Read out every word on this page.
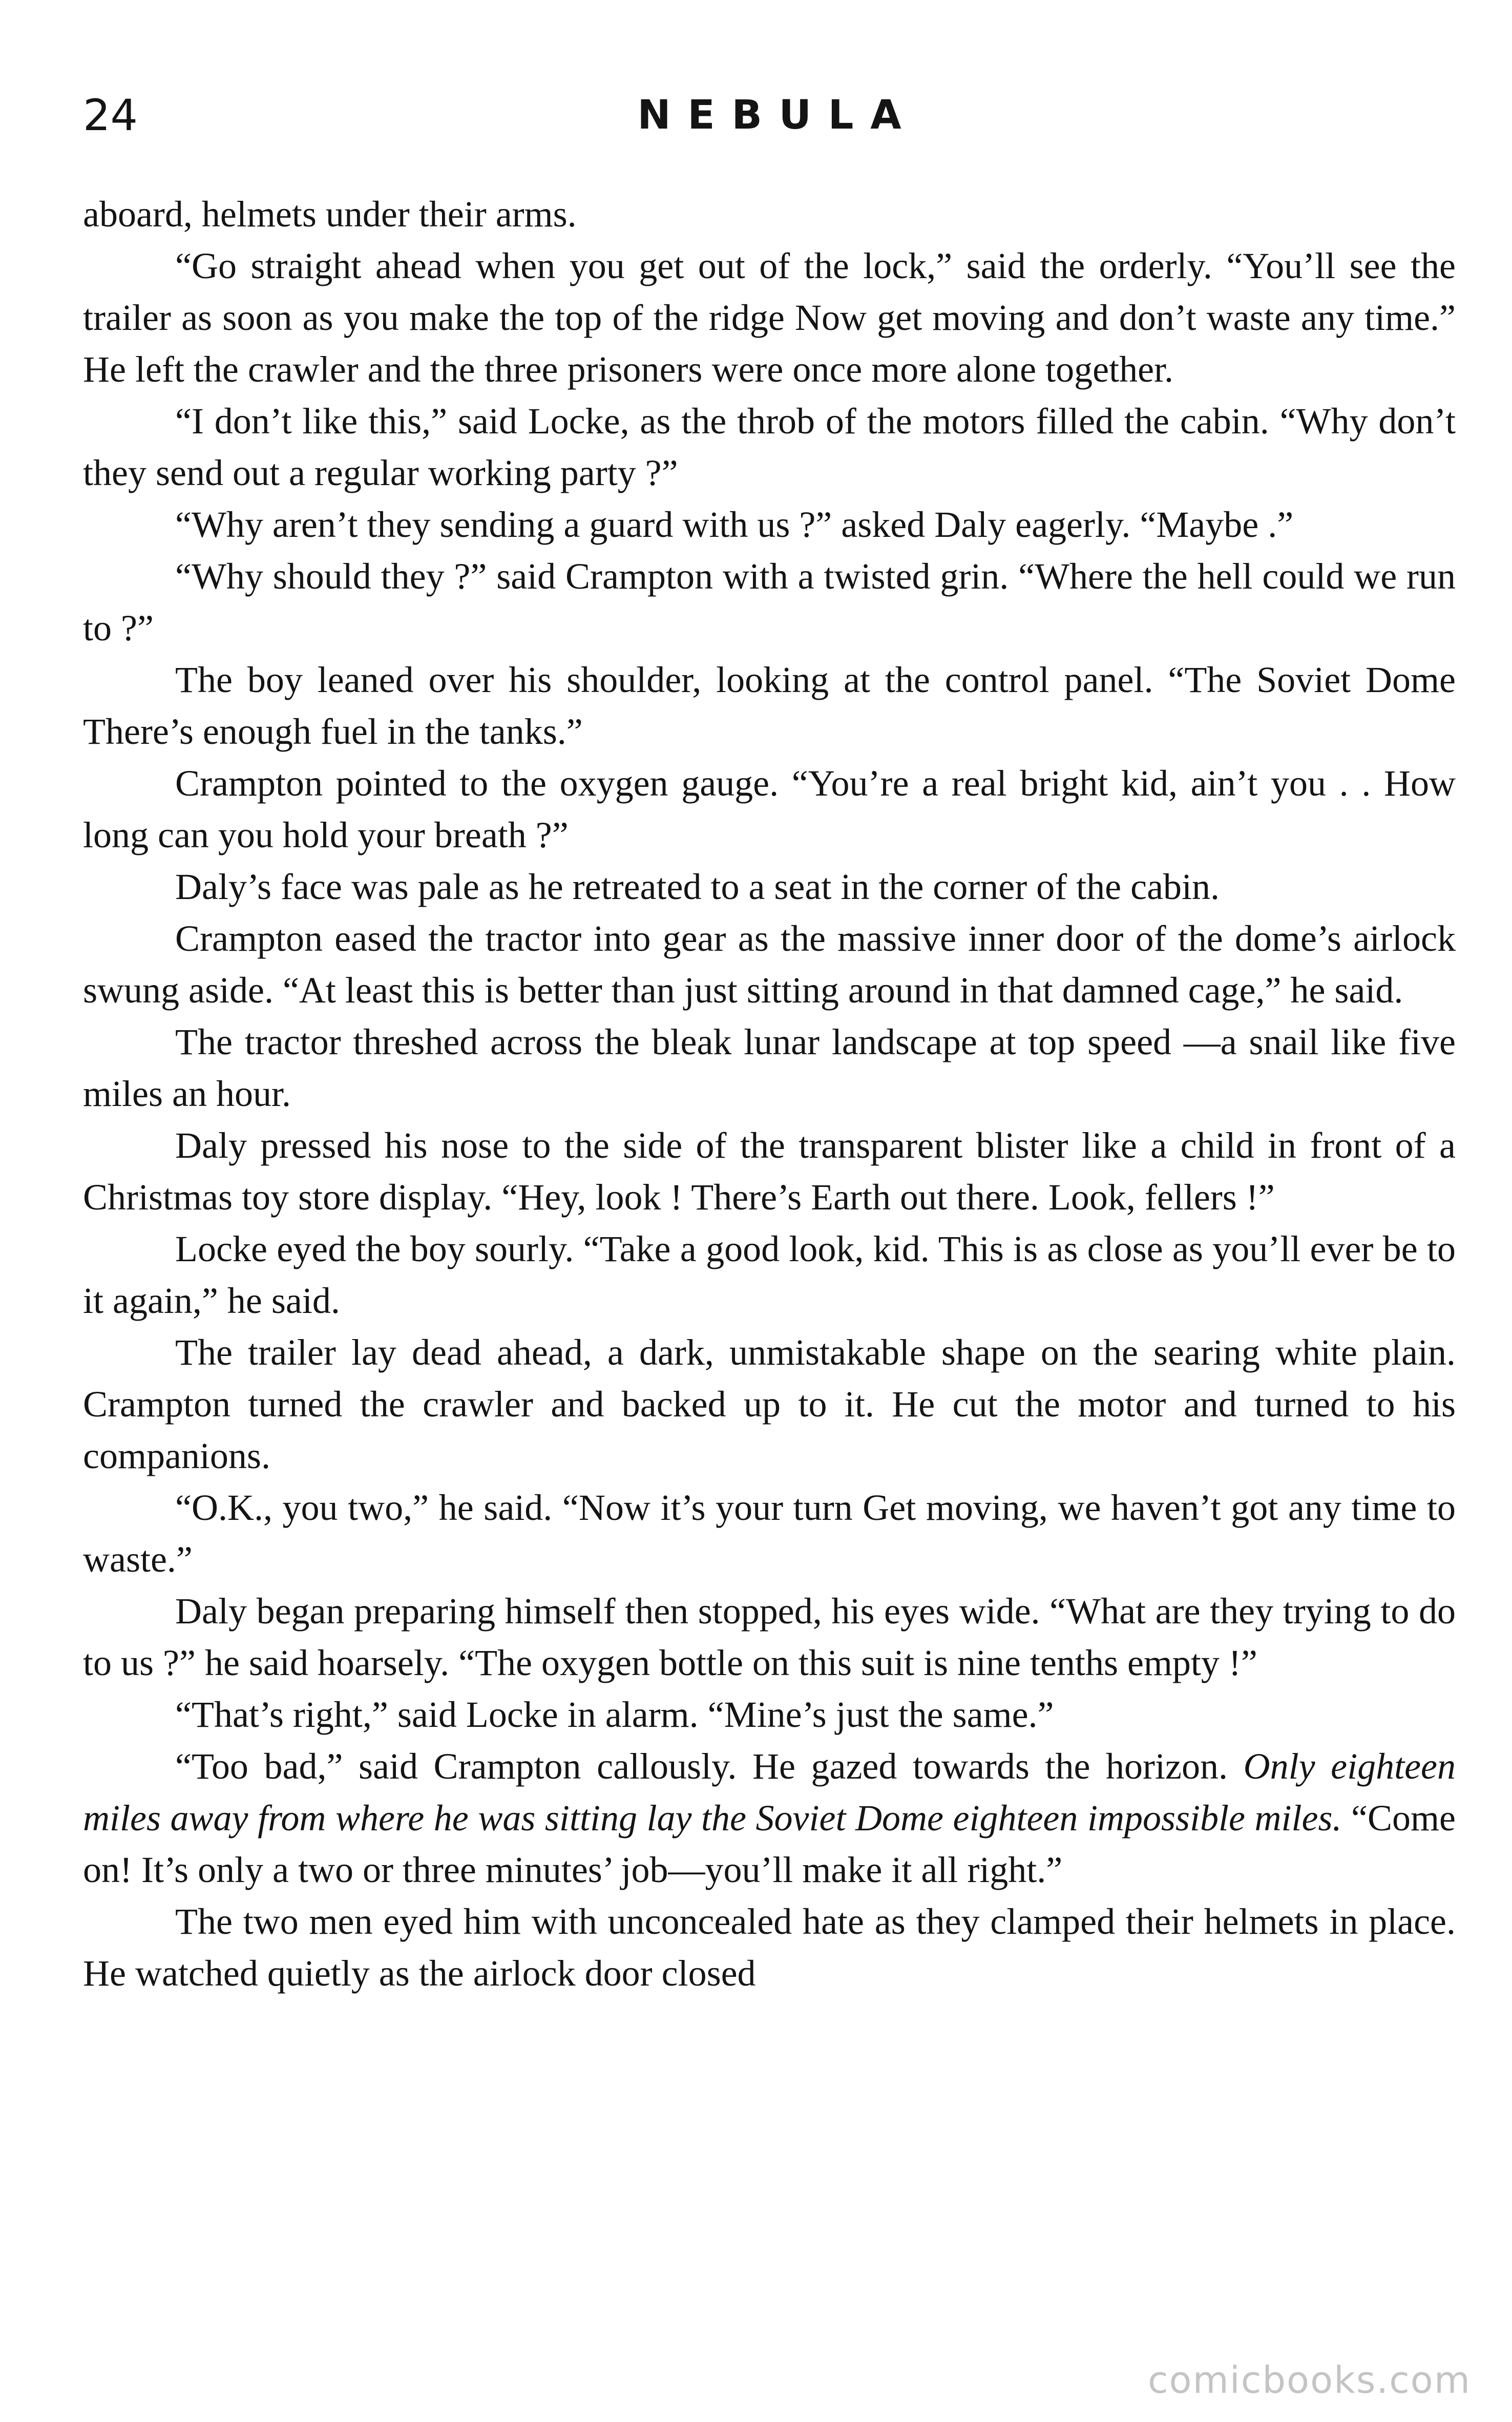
24	NEBULA

aboard, helmets under their arms.

“Go straight ahead when you get out of the lock,” said the orderly. “You’ll see the trailer as soon as you make the top of the ridge Now get moving and don’t waste any time.” He left the crawler and the three prisoners were once more alone together.

“I don’t like this,” said Locke, as the throb of the motors filled the cabin. “Why don’t they send out a regular working party ?”

“Why aren’t they sending a guard with us ?” asked Daly eagerly. “Maybe .”

“Why should they ?” said Crampton with a twisted grin. “Where the hell could we run to ?”

The boy leaned over his shoulder, looking at the control panel. “The Soviet Dome There’s enough fuel in the tanks.”

Crampton pointed to the oxygen gauge. “You’re a real bright kid, ain’t you . . How long can you hold your breath ?”

Daly’s face was pale as he retreated to a seat in the corner of the cabin.

Crampton eased the tractor into gear as the massive inner door of the dome’s airlock swung aside. “At least this is better than just sitting around in that damned cage,” he said.

The tractor threshed across the bleak lunar landscape at top speed —a snail like five miles an hour.

Daly pressed his nose to the side of the transparent blister like a child in front of a Christmas toy store display. “Hey, look ! There’s Earth out there. Look, fellers !”

Locke eyed the boy sourly. “Take a good look, kid. This is as close as you’ll ever be to it again,” he said.

The trailer lay dead ahead, a dark, unmistakable shape on the searing white plain. Crampton turned the crawler and backed up to it. He cut the motor and turned to his companions.

“O.K., you two,” he said. “Now it’s your turn Get moving, we haven’t got any time to waste.”

Daly began preparing himself then stopped, his eyes wide. “What are they trying to do to us ?” he said hoarsely. “The oxygen bottle on this suit is nine tenths empty !”

“That’s right,” said Locke in alarm. “Mine’s just the same.”

“Too bad,” said Crampton callously. He gazed towards the horizon. Only eighteen miles away from where he was sitting lay the Soviet Dome eighteen impossible miles. “Come on! It’s only a two or three minutes’ job—you’ll make it all right.”

The two men eyed him with unconcealed hate as they clamped their helmets in place. He watched quietly as the airlock door closed

comicbooks.com
